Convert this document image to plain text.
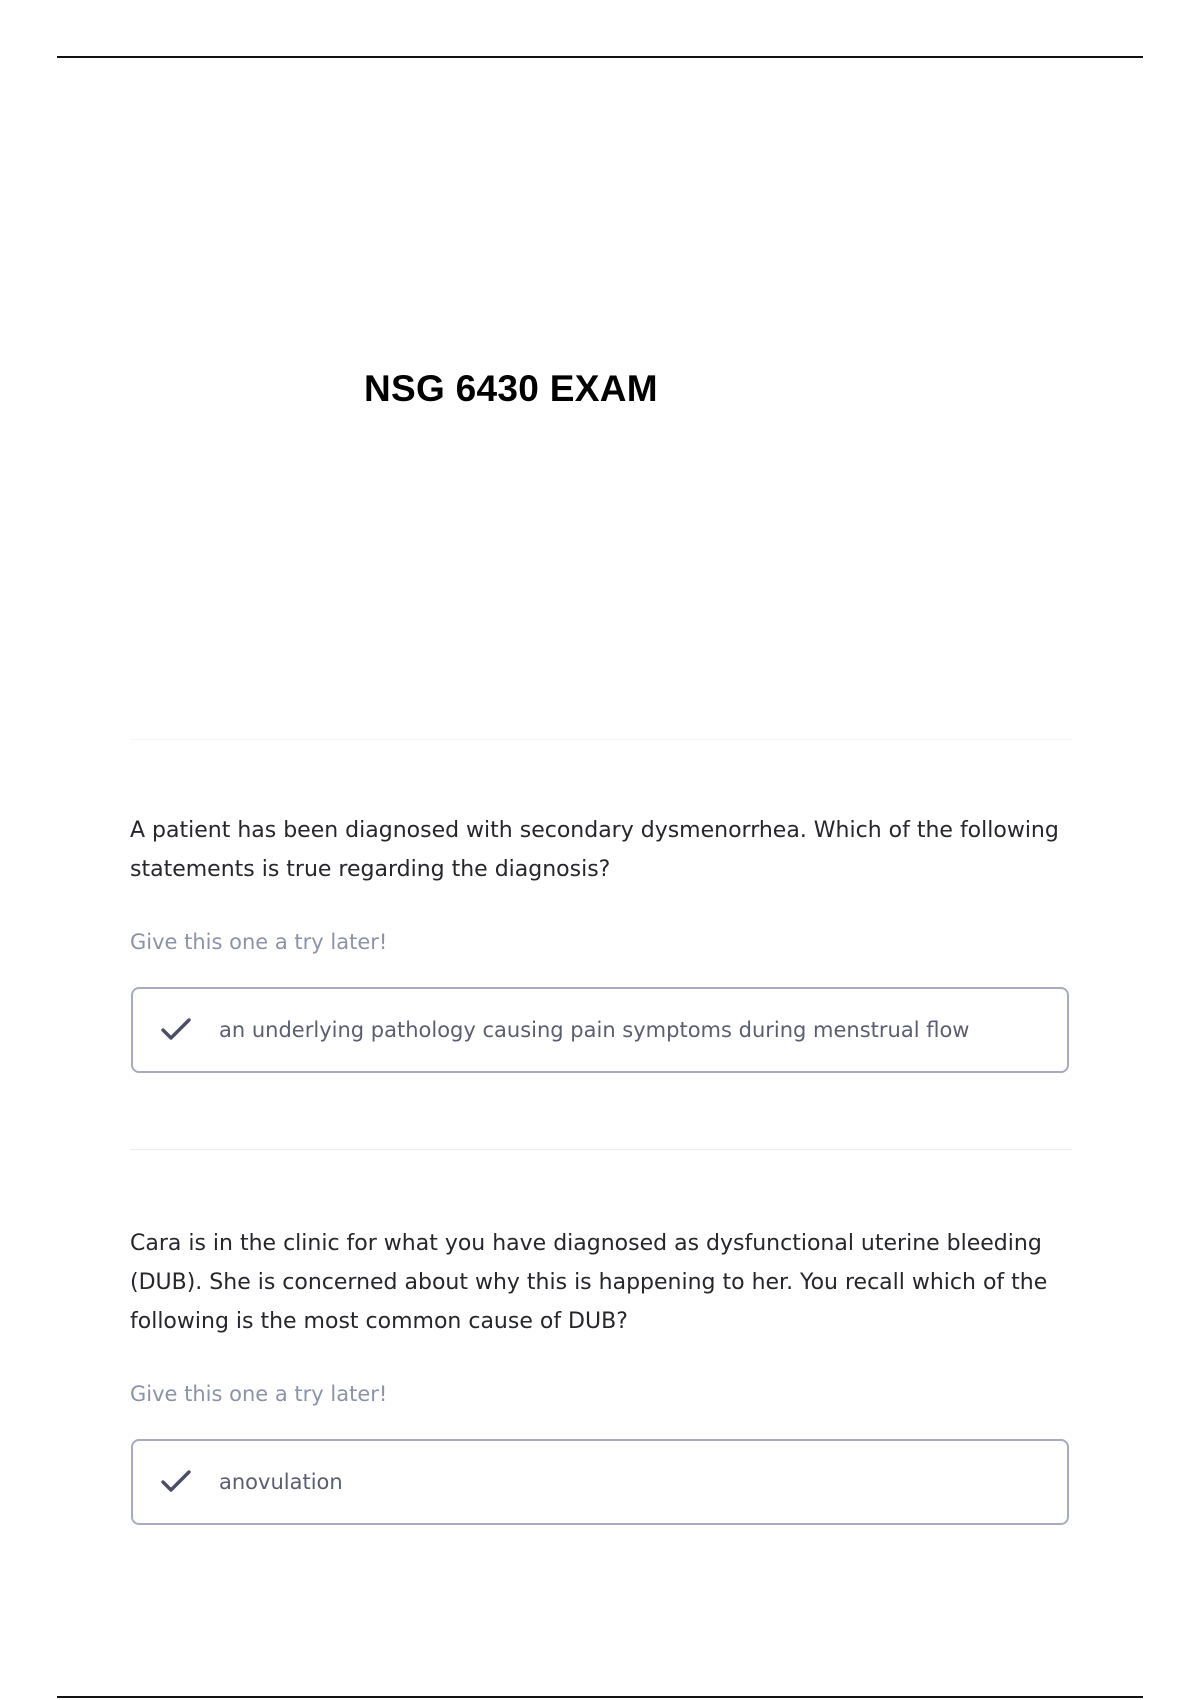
NSG 6430 EXAM

A patient has been diagnosed with secondary dysmenorrhea. Which of the following statements is true regarding the diagnosis?

Give this one a try later!

an underlying pathology causing pain symptoms during menstrual flow

Cara is in the clinic for what you have diagnosed as dysfunctional uterine bleeding (DUB). She is concerned about why this is happening to her. You recall which of the following is the most common cause of DUB?

Give this one a try later!

anovulation
